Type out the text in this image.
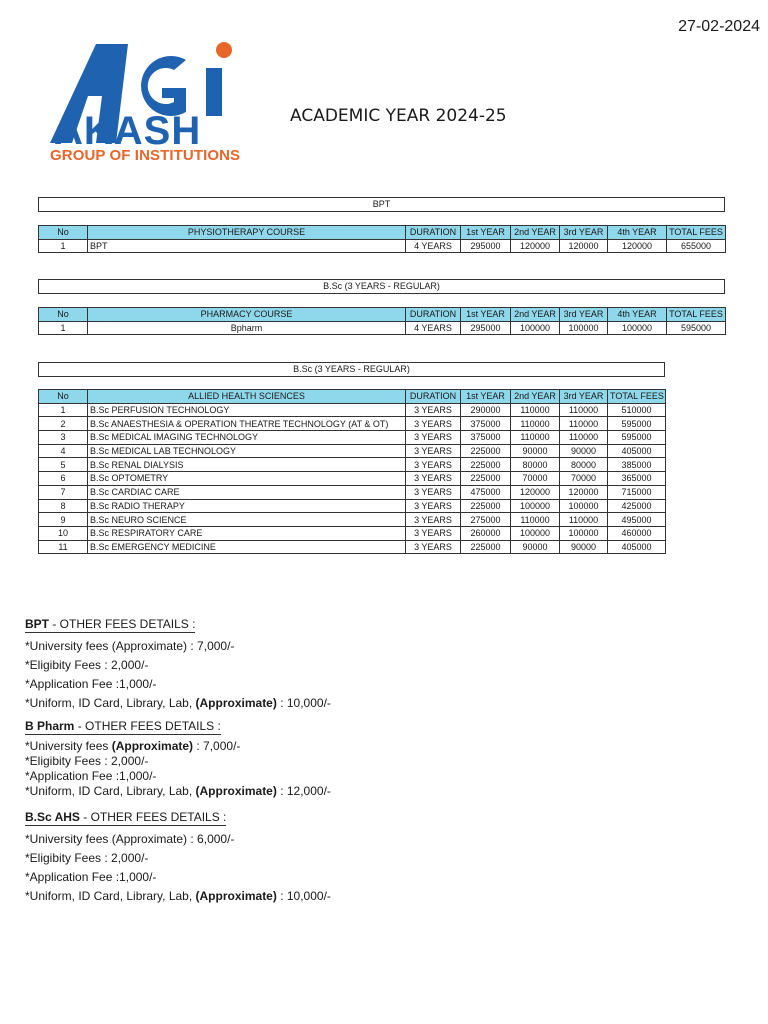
27-02-2024
AKASH
GROUP OF INSTITUTIONS
ACADEMIC YEAR 2024-25
BPT
No	PHYSIOTHERAPY COURSE	DURATION	1st YEAR	2nd YEAR	3rd YEAR	4th YEAR	TOTAL FEES
1	BPT	4 YEARS	295000	120000	120000	120000	655000
B.Sc (3 YEARS - REGULAR)
No	PHARMACY COURSE	DURATION	1st YEAR	2nd YEAR	3rd YEAR	4th YEAR	TOTAL FEES
1	Bpharm	4 YEARS	295000	100000	100000	100000	595000
B.Sc (3 YEARS - REGULAR)
No	ALLIED HEALTH SCIENCES	DURATION	1st YEAR	2nd YEAR	3rd YEAR	TOTAL FEES
1	B.Sc PERFUSION TECHNOLOGY	3 YEARS	290000	110000	110000	510000
2	B.Sc ANAESTHESIA & OPERATION THEATRE TECHNOLOGY (AT & OT)	3 YEARS	375000	110000	110000	595000
3	B.Sc MEDICAL IMAGING TECHNOLOGY	3 YEARS	375000	110000	110000	595000
4	B.Sc MEDICAL LAB TECHNOLOGY	3 YEARS	225000	90000	90000	405000
5	B.Sc RENAL DIALYSIS	3 YEARS	225000	80000	80000	385000
6	B.Sc OPTOMETRY	3 YEARS	225000	70000	70000	365000
7	B.Sc CARDIAC CARE	3 YEARS	475000	120000	120000	715000
8	B.Sc RADIO THERAPY	3 YEARS	225000	100000	100000	425000
9	B.Sc NEURO SCIENCE	3 YEARS	275000	110000	110000	495000
10	B.Sc RESPIRATORY CARE	3 YEARS	260000	100000	100000	460000
11	B.Sc EMERGENCY MEDICINE	3 YEARS	225000	90000	90000	405000
BPT - OTHER FEES DETAILS :

*University fees (Approximate) : 7,000/-

*Eligibity Fees : 2,000/-

*Application Fee :1,000/-

*Uniform, ID Card, Library, Lab, (Approximate) : 10,000/-

B Pharm - OTHER FEES DETAILS :

*University fees (Approximate) : 7,000/-

*Eligibity Fees : 2,000/-

*Application Fee :1,000/-

*Uniform, ID Card, Library, Lab, (Approximate) : 12,000/-

B.Sc AHS - OTHER FEES DETAILS :

*University fees (Approximate) : 6,000/-

*Eligibity Fees : 2,000/-

*Application Fee :1,000/-

*Uniform, ID Card, Library, Lab, (Approximate) : 10,000/-
